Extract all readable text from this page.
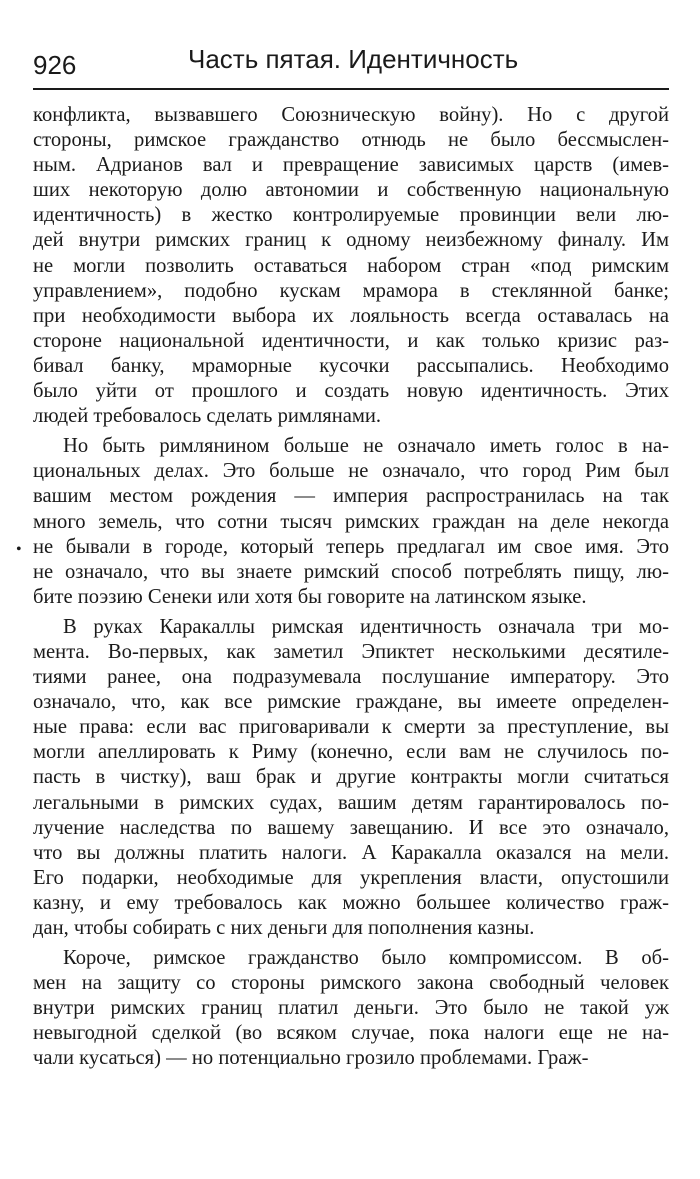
926	Часть пятая. Идентичность
•
конфликта, вызвавшего Союзническую войну). Но с другой
стороны, римское гражданство отнюдь не было бессмыслен-
ным. Адрианов вал и превращение зависимых царств (имев-
ших некоторую долю автономии и собственную национальную
идентичность) в жестко контролируемые провинции вели лю-
дей внутри римских границ к одному неизбежному финалу. Им
не могли позволить оставаться набором стран «под римским
управлением», подобно кускам мрамора в стеклянной банке;
при необходимости выбора их лояльность всегда оставалась на
стороне национальной идентичности, и как только кризис раз-
бивал банку, мраморные кусочки рассыпались. Необходимо
было уйти от прошлого и создать новую идентичность. Этих
людей требовалось сделать римлянами.
Но быть римлянином больше не означало иметь голос в на-
циональных делах. Это больше не означало, что город Рим был
вашим местом рождения — империя распространилась на так
много земель, что сотни тысяч римских граждан на деле некогда
не бывали в городе, который теперь предлагал им свое имя. Это
не означало, что вы знаете римский способ потреблять пищу, лю-
бите поэзию Сенеки или хотя бы говорите на латинском языке.
В руках Каракаллы римская идентичность означала три мо-
мента. Во-первых, как заметил Эпиктет несколькими десятиле-
тиями ранее, она подразумевала послушание императору. Это
означало, что, как все римские граждане, вы имеете определен-
ные права: если вас приговаривали к смерти за преступление, вы
могли апеллировать к Риму (конечно, если вам не случилось по-
пасть в чистку), ваш брак и другие контракты могли считаться
легальными в римских судах, вашим детям гарантировалось по-
лучение наследства по вашему завещанию. И все это означало,
что вы должны платить налоги. А Каракалла оказался на мели.
Его подарки, необходимые для укрепления власти, опустошили
казну, и ему требовалось как можно большее количество граж-
дан, чтобы собирать с них деньги для пополнения казны.
Короче, римское гражданство было компромиссом. В об-
мен на защиту со стороны римского закона свободный человек
внутри римских границ платил деньги. Это было не такой уж
невыгодной сделкой (во всяком случае, пока налоги еще не на-
чали кусаться) — но потенциально грозило проблемами. Граж-
